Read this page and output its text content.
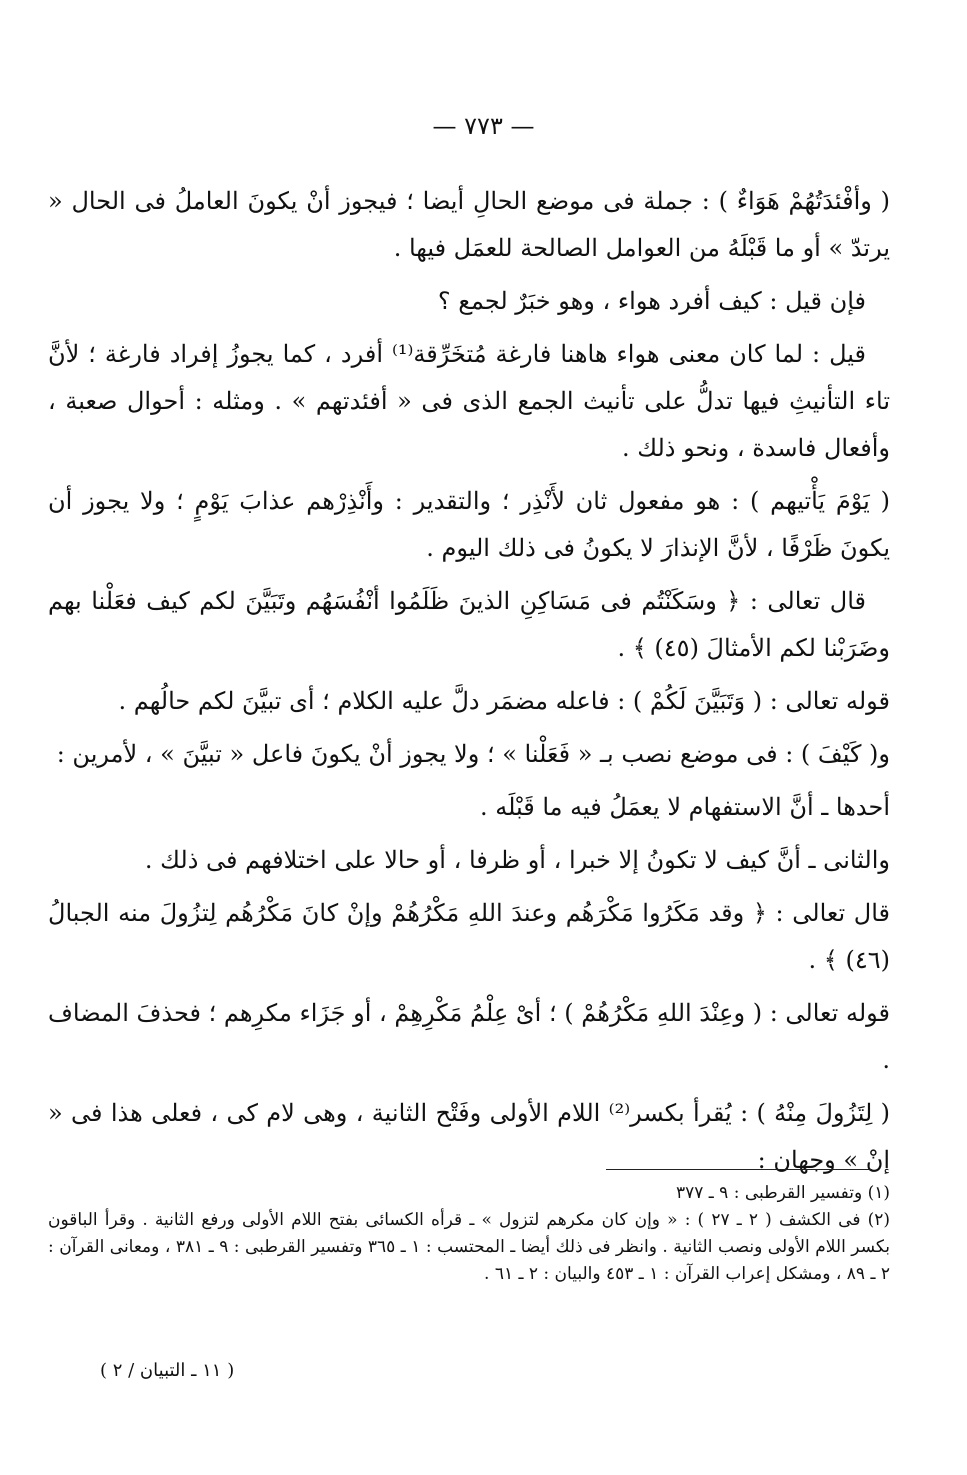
— ٧٧٣ —

( وأفْئدَتُهُمْ هَوَاءٌ ) : جملة فى موضع الحالِ أيضا ؛ فيجوز أنْ يكونَ العاملُ فى الحال « يرتدّ » أو ما قَبْلَهُ من العوامل الصالحة للعمَل فيها .

فإن قيل : كيف أفرد هواء ، وهو خبَرٌ لجمع ؟

قيل : لما كان معنى هواء هاهنا فارغة مُتخَرِّقة⁽¹⁾ أفرد ، كما يجوزُ إفراد فارغة ؛ لأنَّ تاء التأنيثِ فيها تدلُّ على تأنيث الجمع الذى فى « أفئدتهم » . ومثله : أحوال صعبة ، وأفعال فاسدة ، ونحو ذلك .

( يَوْمَ يَأْتيهم ) : هو مفعول ثان لأَنْذِر ؛ والتقدير : وأَنْذِرْهم عذابَ يَوْمٍ ؛ ولا يجوز أن يكونَ ظَرْفًا ، لأنَّ الإنذارَ لا يكونُ فى ذلك اليوم .

قال تعالى : ﴿ وسَكَنْتُم فى مَسَاكِنِ الذينَ ظَلَمُوا أنْفُسَهُم وتَبَيَّنَ لكم كيف فعَلْنا بهم وضَرَبْنا لكم الأمثالَ (٤٥) ﴾ .

قوله تعالى : ( وَتَبَيَّنَ لَكُمْ ) : فاعله مضمَر دلَّ عليه الكلام ؛ أى تبيَّنَ لكم حالُهم .

و( كَيْفَ ) : فى موضع نصب بـ « فَعَلْنا » ؛ ولا يجوز أنْ يكونَ فاعل « تبيَّنَ » ، لأمرين :

أحدها ـ أنَّ الاستفهام لا يعمَلُ فيه ما قَبْلَه .

والثانى ـ أنَّ كيف لا تكونُ إلا خبرا ، أو ظرفا ، أو حالا على اختلافهم فى ذلك .

قال تعالى : ﴿ وقد مَكَرُوا مَكْرَهُم وعندَ اللهِ مَكْرُهُمْ وإنْ كانَ مَكْرُهُم لِتزُولَ منه الجبالُ (٤٦) ﴾ .

قوله تعالى : ( وعِنْدَ اللهِ مَكْرُهُمْ ) ؛ أىْ عِلْمُ مَكْرِهِمْ ، أو جَزَاء مكرِهم ؛ فحذفَ المضاف .

( لِتَزُولَ مِنْهُ ) : يُقرأ بكسر⁽²⁾ اللام الأولى وفَتْح الثانية ، وهى لام كى ، فعلى هذا فى « إنْ » وجهان :

(١) وتفسير القرطبى : ٩ ـ ٣٧٧

(٢) فى الكشف ( ٢ ـ ٢٧ ) : « وإن كان مكرهم لتزول » ـ قرأه الكسائى بفتح اللام الأولى ورفع الثانية . وقرأ الباقون بكسر اللام الأولى ونصب الثانية . وانظر فى ذلك أيضا ـ المحتسب : ١ ـ ٣٦٥ وتفسير القرطبى : ٩ ـ ٣٨١ ، ومعانى القرآن : ٢ ـ ٨٩ ، ومشكل إعراب القرآن : ١ ـ ٤٥٣ والبيان : ٢ ـ ٦١ .

( ١١ ـ التبيان / ٢ )
